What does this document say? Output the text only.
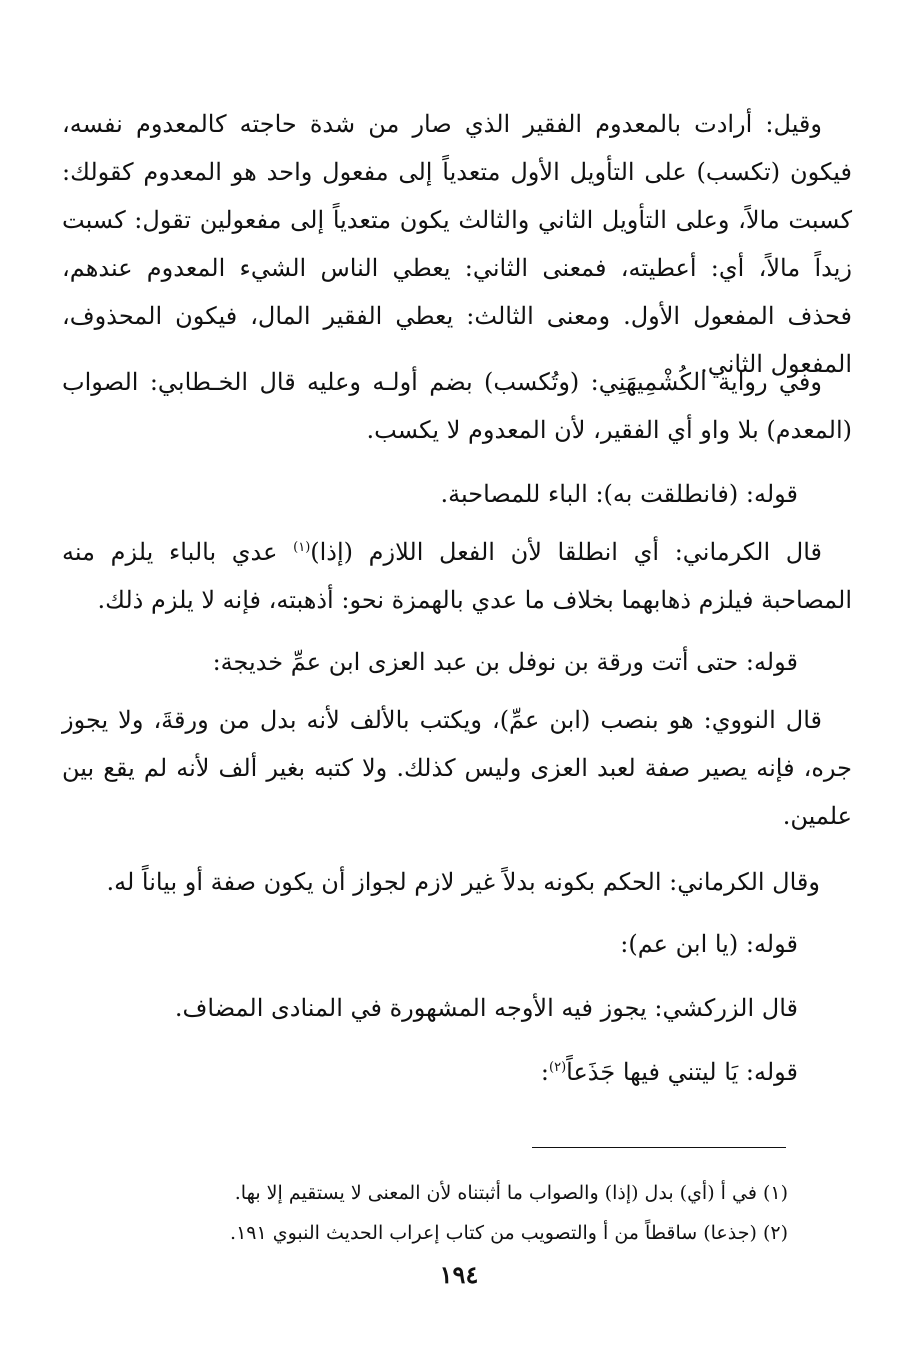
وقيل: أرادت بالمعدوم الفقير الذي صار من شدة حاجته كالمعدوم نفسه، فيكون (تكسب) على التأويل الأول متعدياً إلى مفعول واحد هو المعدوم كقولك: كسبت مالاً، وعلى التأويل الثاني والثالث يكون متعدياً إلى مفعولين تقول: كسبت زيداً مالاً، أي: أعطيته، فمعنى الثاني: يعطي الناس الشيء المعدوم عندهم، فحذف المفعول الأول. ومعنى الثالث: يعطي الفقير المال، فيكون المحذوف، المفعول الثاني.

وفي رواية الكُشْمِيهَنِي: (وتُكسب) بضم أولـه وعليه قال الخـطابي: الصواب (المعدم) بلا واو أي الفقير، لأن المعدوم لا يكسب.

قوله: (فانطلقت به): الباء للمصاحبة.

قال الكرماني: أي انطلقا لأن الفعل اللازم (إذا)$^{(١)}$ عدي بالباء يلزم منه المصاحبة فيلزم ذهابهما بخلاف ما عدي بالهمزة نحو: أذهبته، فإنه لا يلزم ذلك.

قوله: حتى أتت ورقة بن نوفل بن عبد العزى ابن عمِّ خديجة:

قال النووي: هو بنصب (ابن عمِّ)، ويكتب بالألف لأنه بدل من ورقةَ، ولا يجوز جره، فإنه يصير صفة لعبد العزى وليس كذلك. ولا كتبه بغير ألف لأنه لم يقع بين علمين.

وقال الكرماني: الحكم بكونه بدلاً غير لازم لجواز أن يكون صفة أو بياناً له.

قوله: (يا ابن عم):

قال الزركشي: يجوز فيه الأوجه المشهورة في المنادى المضاف.

قوله: يَا ليتني فيها جَذَعاً$^{(٢)}$:

(١) في أ (أي) بدل (إذا) والصواب ما أثبتناه لأن المعنى لا يستقيم إلا بها.
(٢) (جذعا) ساقطاً من أ والتصويب من كتاب إعراب الحديث النبوي ١٩١.
١٩٤
